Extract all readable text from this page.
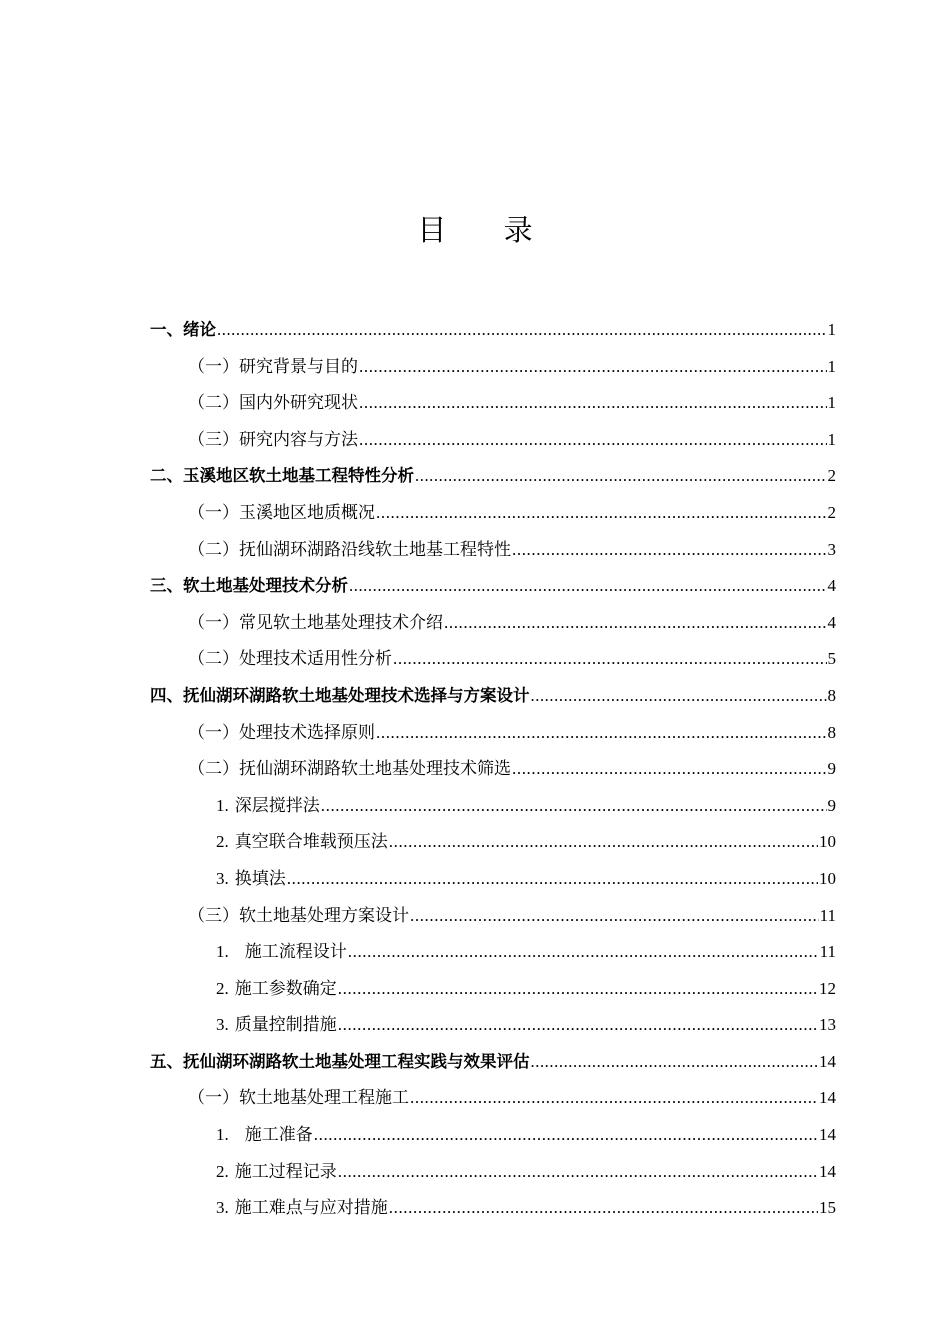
目 录
一、绪论 .....	1
（一）研究背景与目的 .....	1
（二）国内外研究现状 .....	1
（三）研究内容与方法 .....	1
二、玉溪地区软土地基工程特性分析 .....	2
（一）玉溪地区地质概况 .....	2
（二）抚仙湖环湖路沿线软土地基工程特性 .....	3
三、软土地基处理技术分析 .....	4
（一）常见软土地基处理技术介绍 .....	4
（二）处理技术适用性分析 .....	5
四、抚仙湖环湖路软土地基处理技术选择与方案设计 .....	8
（一）处理技术选择原则 .....	8
（二）抚仙湖环湖路软土地基处理技术筛选 .....	9
1. 深层搅拌法 .....	9
2. 真空联合堆载预压法 .....	10
3. 换填法 .....	10
（三）软土地基处理方案设计 .....	11
1. 施工流程设计 .....	11
2. 施工参数确定 .....	12
3. 质量控制措施 .....	13
五、抚仙湖环湖路软土地基处理工程实践与效果评估 .....	14
（一）软土地基处理工程施工 .....	14
1. 施工准备 .....	14
2. 施工过程记录 .....	14
3. 施工难点与应对措施 .....	15
